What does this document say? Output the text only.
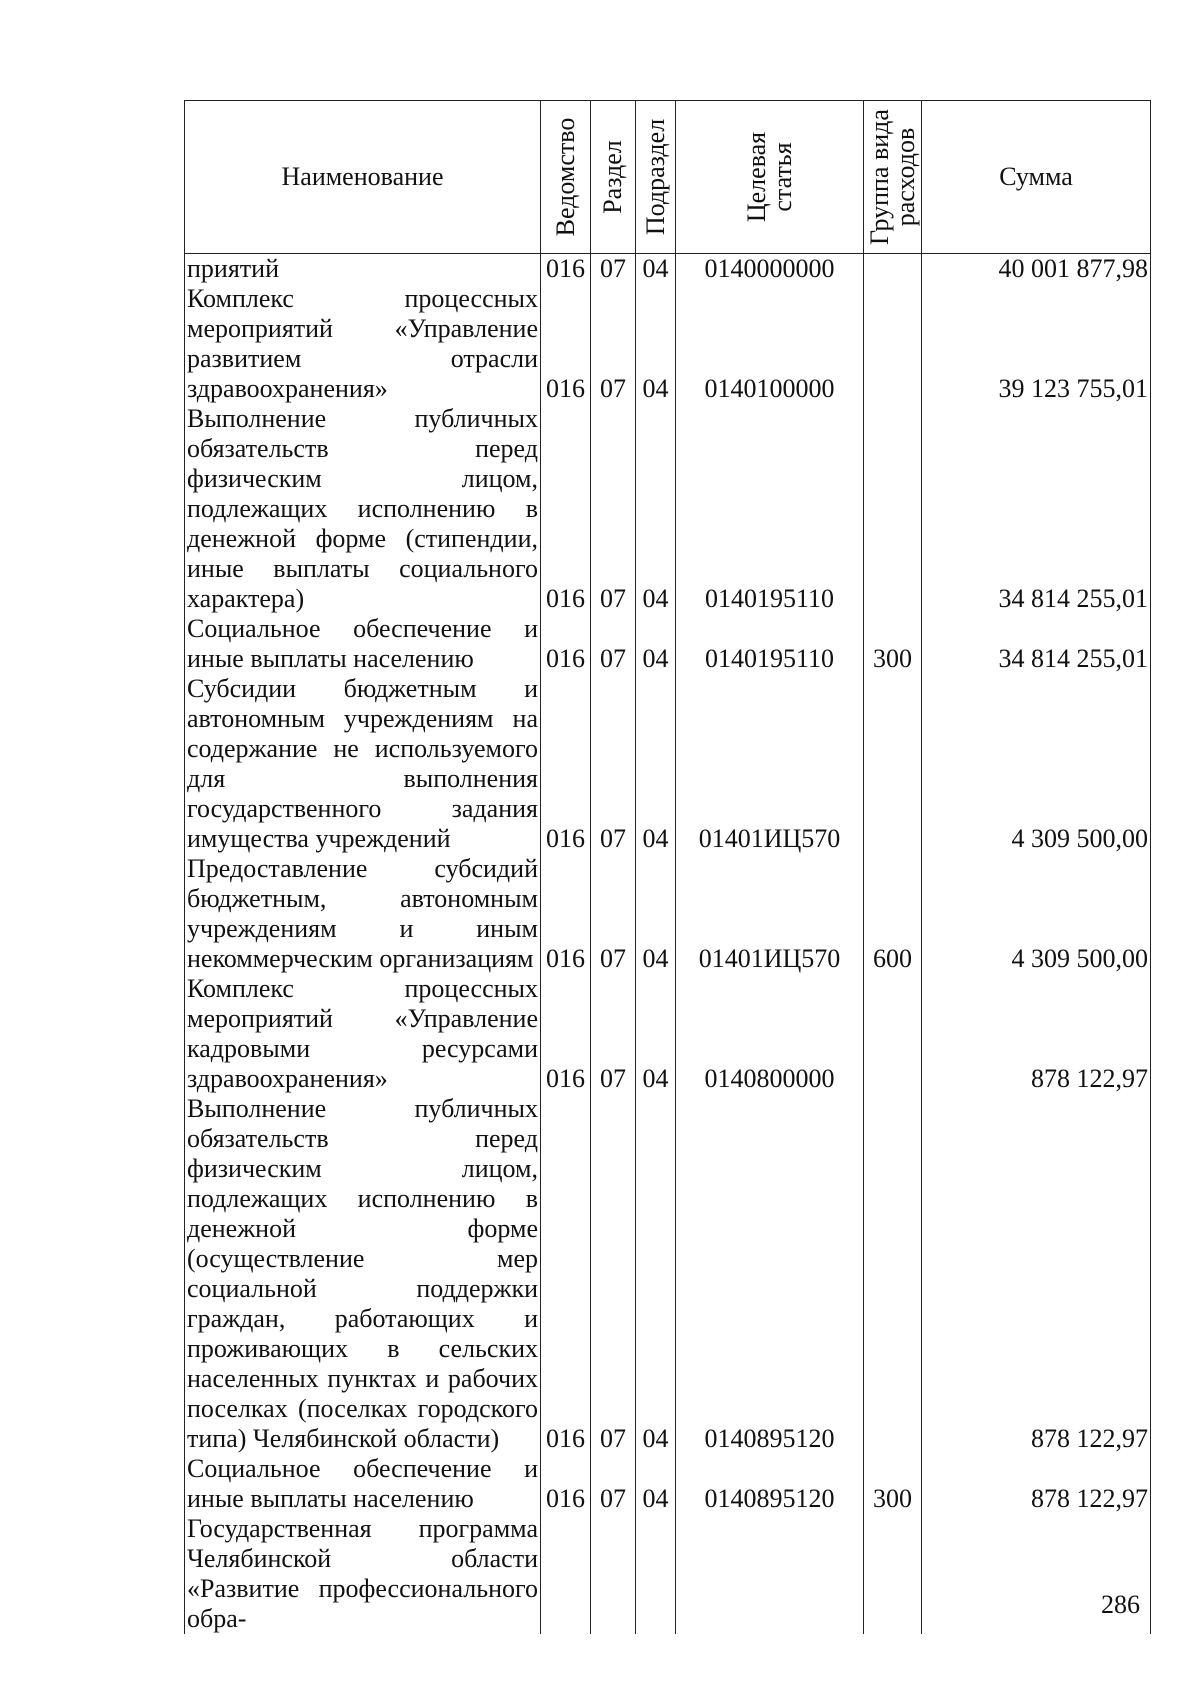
Наименование	Ведомство	Раздел	Подраздел	Целевая статья	Группа вида расходов	Сумма
приятий	016	07	04	0140000000		40 001 877,98
Комплекс процессных мероприятий «Управление развитием отрасли здравоохранения»	016	07	04	0140100000		39 123 755,01
Выполнение публичных обязательств перед физическим лицом, подлежащих исполнению в денежной форме (стипендии, иные выплаты социального характера)	016	07	04	0140195110		34 814 255,01
Социальное обеспечение и иные выплаты населению	016	07	04	0140195110	300	34 814 255,01
Субсидии бюджетным и автономным учреждениям на содержание не используемого для выполнения государственного задания имущества учреждений	016	07	04	01401ИЦ570		4 309 500,00
Предоставление субсидий бюджетным, автономным учреждениям и иным некоммерческим организациям	016	07	04	01401ИЦ570	600	4 309 500,00
Комплекс процессных мероприятий «Управление кадровыми ресурсами здравоохранения»	016	07	04	0140800000		878 122,97
Выполнение публичных обязательств перед физическим лицом, подлежащих исполнению в денежной форме (осуществление мер социальной поддержки граждан, работающих и проживающих в сельских населенных пунктах и рабочих поселках (поселках городского типа) Челябинской области)	016	07	04	0140895120		878 122,97
Социальное обеспечение и иные выплаты населению	016	07	04	0140895120	300	878 122,97
Государственная программа Челябинской области «Развитие профессионального обра-							286
